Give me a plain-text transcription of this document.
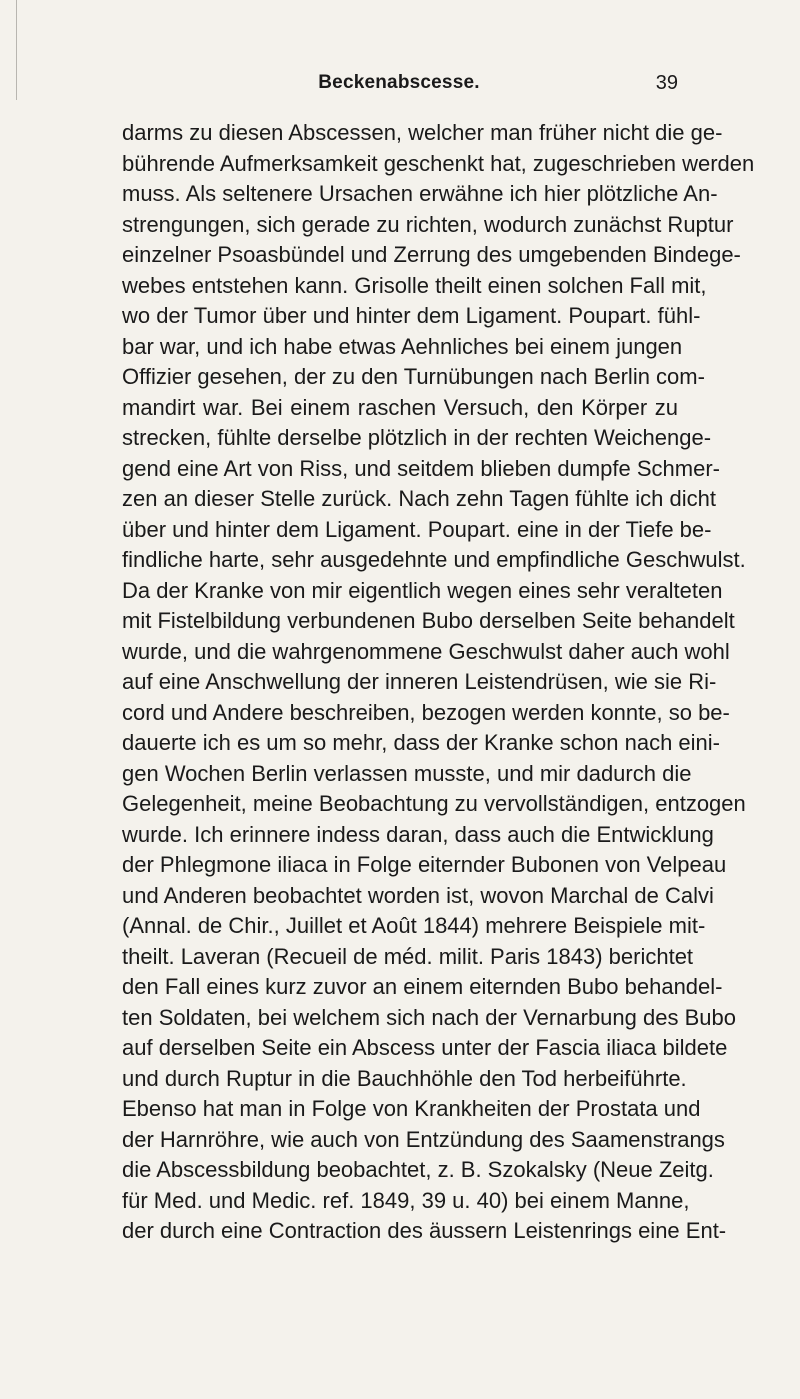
Beckenabscesse.	39
darms zu diesen Abscessen, welcher man früher nicht die ge-
bührende Aufmerksamkeit geschenkt hat, zugeschrieben werden
muss. Als seltenere Ursachen erwähne ich hier plötzliche An-
strengungen, sich gerade zu richten, wodurch zunächst Ruptur
einzelner Psoasbündel und Zerrung des umgebenden Bindege-
webes entstehen kann. Grisolle theilt einen solchen Fall mit,
wo der Tumor über und hinter dem Ligament. Poupart. fühl-
bar war, und ich habe etwas Aehnliches bei einem jungen
Offizier gesehen, der zu den Turnübungen nach Berlin com-
mandirt war. Bei einem raschen Versuch, den Körper zu
strecken, fühlte derselbe plötzlich in der rechten Weichenge-
gend eine Art von Riss, und seitdem blieben dumpfe Schmer-
zen an dieser Stelle zurück. Nach zehn Tagen fühlte ich dicht
über und hinter dem Ligament. Poupart. eine in der Tiefe be-
findliche harte, sehr ausgedehnte und empfindliche Geschwulst.
Da der Kranke von mir eigentlich wegen eines sehr veralteten
mit Fistelbildung verbundenen Bubo derselben Seite behandelt
wurde, und die wahrgenommene Geschwulst daher auch wohl
auf eine Anschwellung der inneren Leistendrüsen, wie sie Ri-
cord und Andere beschreiben, bezogen werden konnte, so be-
dauerte ich es um so mehr, dass der Kranke schon nach eini-
gen Wochen Berlin verlassen musste, und mir dadurch die
Gelegenheit, meine Beobachtung zu vervollständigen, entzogen
wurde. Ich erinnere indess daran, dass auch die Entwicklung
der Phlegmone iliaca in Folge eiternder Bubonen von Velpeau
und Anderen beobachtet worden ist, wovon Marchal de Calvi
(Annal. de Chir., Juillet et Août 1844) mehrere Beispiele mit-
theilt. Laveran (Recueil de méd. milit. Paris 1843) berichtet
den Fall eines kurz zuvor an einem eiternden Bubo behandel-
ten Soldaten, bei welchem sich nach der Vernarbung des Bubo
auf derselben Seite ein Abscess unter der Fascia iliaca bildete
und durch Ruptur in die Bauchhöhle den Tod herbeiführte.
Ebenso hat man in Folge von Krankheiten der Prostata und
der Harnröhre, wie auch von Entzündung des Saamenstrangs
die Abscessbildung beobachtet, z. B. Szokalsky (Neue Zeitg.
für Med. und Medic. ref. 1849, 39 u. 40) bei einem Manne,
der durch eine Contraction des äussern Leistenrings eine Ent-
